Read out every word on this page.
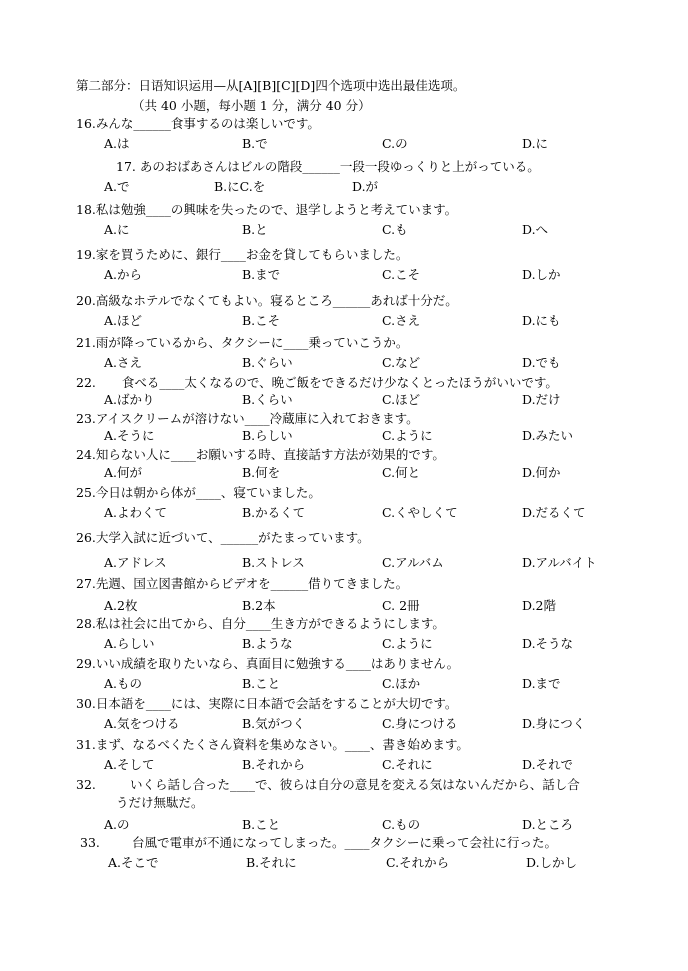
第二部分：日语知识运用—从[A][B][C][D]四个选项中选出最佳选项。
（共 40 小题，每小题 1 分，满分 40 分）
16.みんな______食事するのは楽しいです。
A.は	B.で	C.の	D.に
17. あのおばあさんはビルの階段______一段一段ゆっくりと上がっている。
A.で	B.にC.を	D.が
18.私は勉強____の興味を失ったので、退学しようと考えています。
A.に	B.と	C.も	D.へ
19.家を買うために、銀行____お金を貸してもらいました。
A.から	B.まで	C.こそ	D.しか
20.高級なホテルでなくてもよい。寝るところ______あれば十分だ。
A.ほど	B.こそ	C.さえ	D.にも
21.雨が降っているから、タクシーに____乗っていこうか。
A.さえ	B.ぐらい	C.など	D.でも
22. 食べる____太くなるので、晩ご飯をできるだけ少なくとったほうがいいです。
A.ばかり	B.くらい	C.ほど	D.だけ
23.アイスクリームが溶けない____冷蔵庫に入れておきます。
A.そうに	B.らしい	C.ように	D.みたい
24.知らない人に____お願いする時、直接話す方法が効果的です。
A.何が	B.何を	C.何と	D.何か
25.今日は朝から体が____、寝ていました。
A.よわくて	B.かるくて	C.くやしくて	D.だるくて
26.大学入試に近づいて、______がたまっています。
A.アドレス	B.ストレス	C.アルバム	D.アルバイト
27.先週、国立図書館からビデオを______借りてきました。
A.2枚	B.2本	C. 2冊	D.2階
28.私は社会に出てから、自分____生き方ができるようにします。
A.らしい	B.ような	C.ように	D.そうな
29.いい成績を取りたいなら、真面目に勉強する____はありません。
A.もの	B.こと	C.ほか	D.まで
30.日本語を____には、実際に日本語で会話をすることが大切です。
A.気をつける	B.気がつく	C.身につける	D.身につく
31.まず、なるべくたくさん資料を集めなさい。____、書き始めます。
A.そして	B.それから	C.それに	D.それで
32.	いくら話し合った____で、彼らは自分の意見を変える気はないんだから、話し合うだけ無駄だ。
A.の	B.こと	C.もの	D.ところ
33.	台風で電車が不通になってしまった。____タクシーに乗って会社に行った。
A.そこで	B.それに	C.それから	D.しかし
